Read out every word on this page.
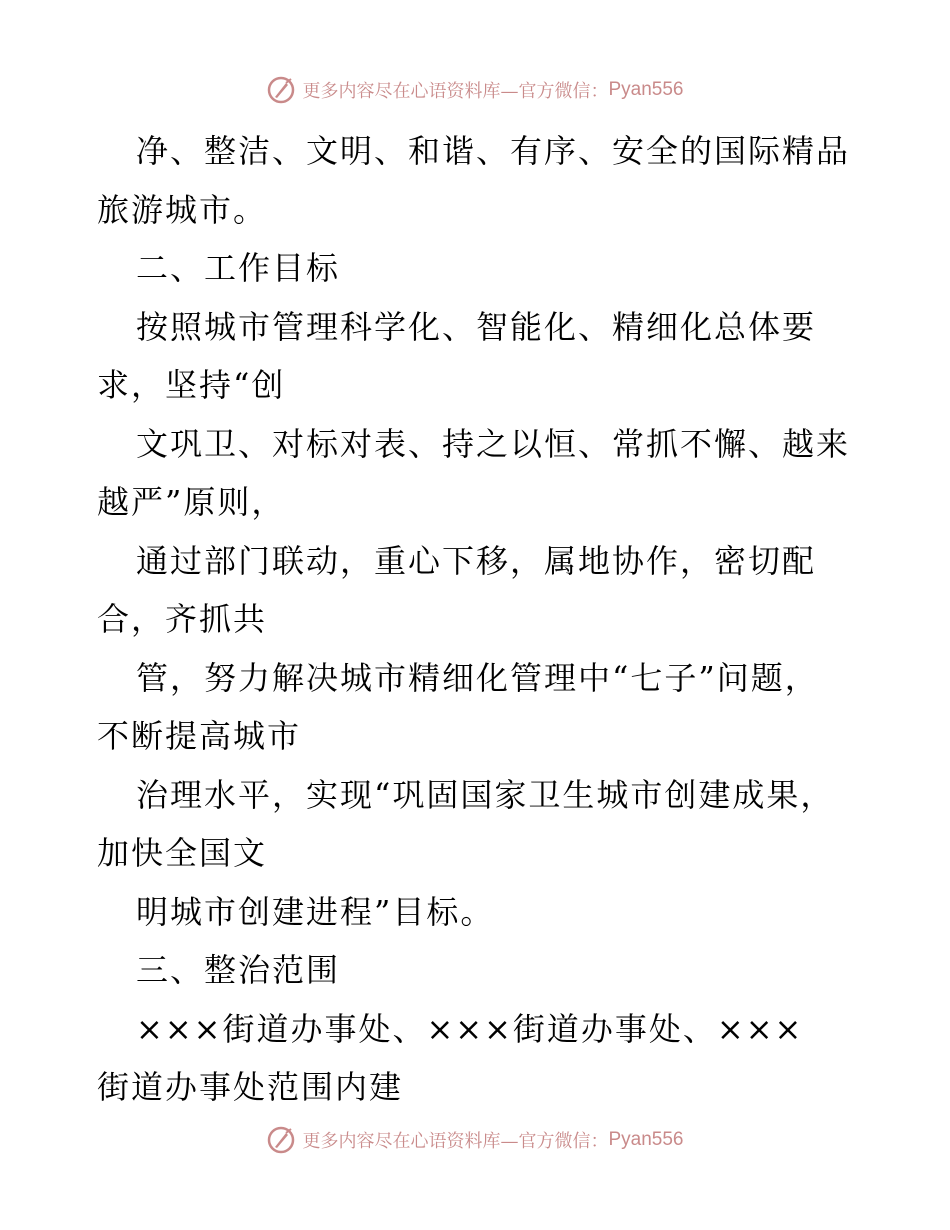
更多内容尽在心语资料库—官方微信： Pyan556
净、整洁、文明、和谐、有序、安全的国际精品
旅游城市。
二、工作目标
按照城市管理科学化、智能化、精细化总体要
求，坚持“创
文巩卫、对标对表、持之以恒、常抓不懈、越来
越严”原则，
通过部门联动，重心下移，属地协作，密切配
合，齐抓共
管，努力解决城市精细化管理中“七子”问题，
不断提高城市
治理水平，实现“巩固国家卫生城市创建成果，
加快全国文
明城市创建进程”目标。
三、整治范围
×××街道办事处、×××街道办事处、×××
街道办事处范围内建
更多内容尽在心语资料库—官方微信： Pyan556
